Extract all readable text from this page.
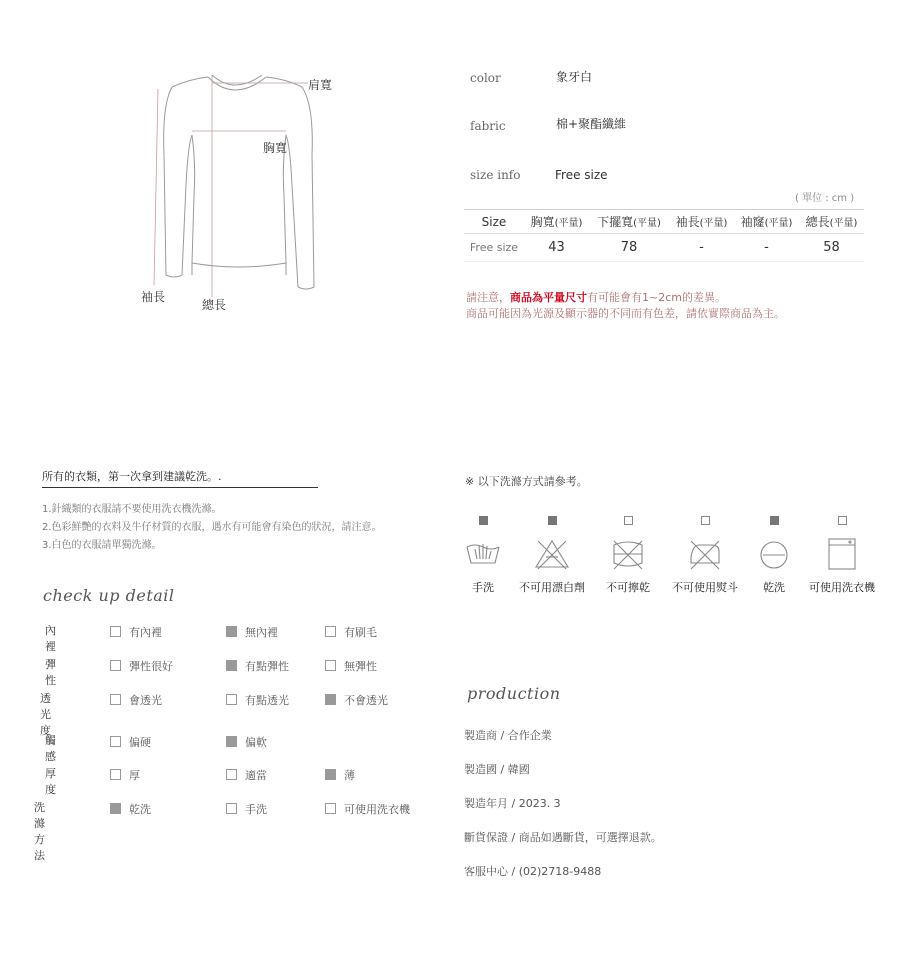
肩寬
胸寬
袖長
總長
color	象牙白
fabric	棉+聚酯纖維
size info	Free size
( 單位 : cm )
Size	胸寬(平量)	下擺寬(平量)	袖長(平量)	袖窿(平量)	總長(平量)
Free size	43	78	-	-	58
請注意，商品為平量尺寸有可能會有1~2cm的差異。
商品可能因為光源及顯示器的不同而有色差，請依實際商品為主。
所有的衣類，第一次拿到建議乾洗。.
1.針織類的衣服請不要使用洗衣機洗滌。
2.色彩鮮艷的衣料及牛仔材質的衣服，遇水有可能會有染色的狀況，請注意。
3.白色的衣服請單獨洗滌。
check up detail
內裡
有內裡	無內裡	有刷毛
彈性
彈性很好	有點彈性	無彈性
透光度
會透光	有點透光	不會透光
觸感
偏硬	偏軟
厚度
厚	適當	薄
洗滌方法
乾洗	手洗	可使用洗衣機
※ 以下洗滌方式請參考。
手洗	不可用漂白劑	不可擰乾	不可使用熨斗	乾洗	可使用洗衣機
production
製造商 / 合作企業
製造國 / 韓國
製造年月 / 2023. 3
斷貨保證 / 商品如遇斷貨，可選擇退款。
客服中心 / (02)2718-9488
